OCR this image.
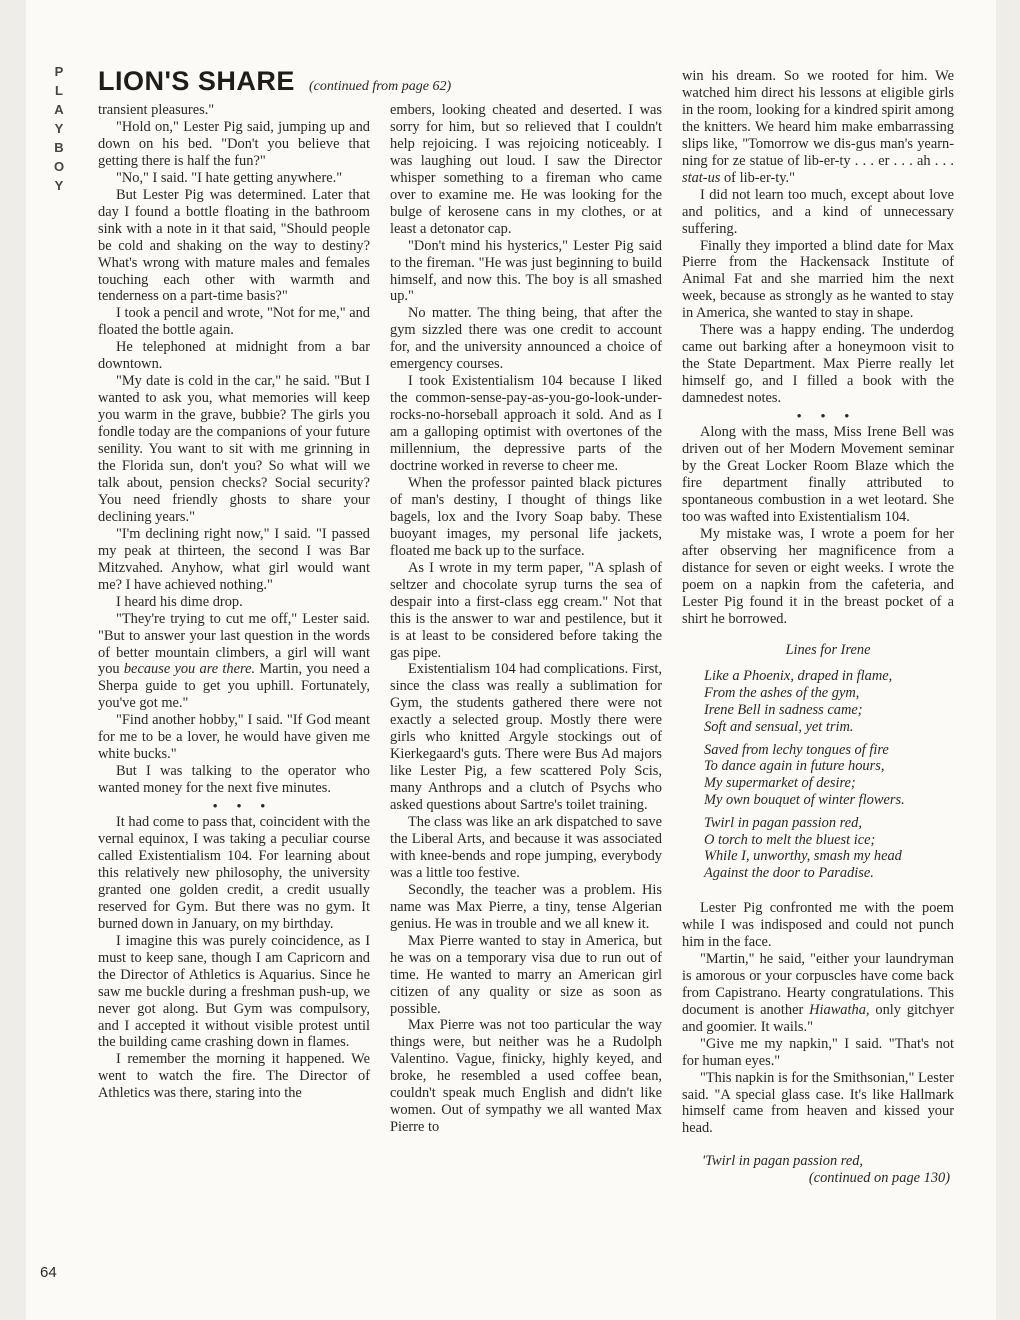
P
L
A
Y
B
O
Y
LION'S SHARE (continued from page 62)

transient pleasures."

"Hold on," Lester Pig said, jumping up and down on his bed. "Don't you believe that getting there is half the fun?"

"No," I said. "I hate getting anywhere."

But Lester Pig was determined. Later that day I found a bottle floating in the bathroom sink with a note in it that said, "Should people be cold and shaking on the way to destiny? What's wrong with mature males and females touching each other with warmth and tenderness on a part-time basis?"

I took a pencil and wrote, "Not for me," and floated the bottle again.

He telephoned at midnight from a bar downtown.

"My date is cold in the car," he said. "But I wanted to ask you, what memories will keep you warm in the grave, bubbie? The girls you fondle today are the companions of your future senility. You want to sit with me grinning in the Florida sun, don't you? So what will we talk about, pension checks? Social security? You need friendly ghosts to share your declining years."

"I'm declining right now," I said. "I passed my peak at thirteen, the second I was Bar Mitzvahed. Anyhow, what girl would want me? I have achieved nothing."

I heard his dime drop.

"They're trying to cut me off," Lester said. "But to answer your last question in the words of better mountain climbers, a girl will want you because you are there. Martin, you need a Sherpa guide to get you uphill. Fortunately, you've got me."

"Find another hobby," I said. "If God meant for me to be a lover, he would have given me white bucks."

But I was talking to the operator who wanted money for the next five minutes.

• • •

It had come to pass that, coincident with the vernal equinox, I was taking a peculiar course called Existentialism 104. For learning about this relatively new philosophy, the university granted one golden credit, a credit usually reserved for Gym. But there was no gym. It burned down in January, on my birthday.

I imagine this was purely coincidence, as I must to keep sane, though I am Capricorn and the Director of Athletics is Aquarius. Since he saw me buckle during a freshman push-up, we never got along. But Gym was compulsory, and I accepted it without visible protest until the building came crashing down in flames.

I remember the morning it happened. We went to watch the fire. The Director of Athletics was there, staring into the

embers, looking cheated and deserted. I was sorry for him, but so relieved that I couldn't help rejoicing. I was rejoicing noticeably. I was laughing out loud. I saw the Director whisper something to a fireman who came over to examine me. He was looking for the bulge of kerosene cans in my clothes, or at least a detonator cap.

"Don't mind his hysterics," Lester Pig said to the fireman. "He was just beginning to build himself, and now this. The boy is all smashed up."

No matter. The thing being, that after the gym sizzled there was one credit to account for, and the university announced a choice of emergency courses.

I took Existentialism 104 because I liked the common-sense-pay-as-you-go-look-under-rocks-no-horseball approach it sold. And as I am a galloping optimist with overtones of the millennium, the depressive parts of the doctrine worked in reverse to cheer me.

When the professor painted black pictures of man's destiny, I thought of things like bagels, lox and the Ivory Soap baby. These buoyant images, my personal life jackets, floated me back up to the surface.

As I wrote in my term paper, "A splash of seltzer and chocolate syrup turns the sea of despair into a first-class egg cream." Not that this is the answer to war and pestilence, but it is at least to be considered before taking the gas pipe.

Existentialism 104 had complications. First, since the class was really a sublimation for Gym, the students gathered there were not exactly a selected group. Mostly there were girls who knitted Argyle stockings out of Kierkegaard's guts. There were Bus Ad majors like Lester Pig, a few scattered Poly Scis, many Anthrops and a clutch of Psychs who asked questions about Sartre's toilet training.

The class was like an ark dispatched to save the Liberal Arts, and because it was associated with knee-bends and rope jumping, everybody was a little too festive.

Secondly, the teacher was a problem. His name was Max Pierre, a tiny, tense Algerian genius. He was in trouble and we all knew it.

Max Pierre wanted to stay in America, but he was on a temporary visa due to run out of time. He wanted to marry an American girl citizen of any quality or size as soon as possible.

Max Pierre was not too particular the way things were, but neither was he a Rudolph Valentino. Vague, finicky, highly keyed, and broke, he resembled a used coffee bean, couldn't speak much English and didn't like women. Out of sympathy we all wanted Max Pierre to

win his dream. So we rooted for him. We watched him direct his lessons at eligible girls in the room, looking for a kindred spirit among the knitters. We heard him make embarrassing slips like, "Tomorrow we dis-gus man's yearn-ning for ze statue of lib-er-ty . . . er . . . ah . . . stat-us of lib-er-ty."

I did not learn too much, except about love and politics, and a kind of unnecessary suffering.

Finally they imported a blind date for Max Pierre from the Hackensack Institute of Animal Fat and she married him the next week, because as strongly as he wanted to stay in America, she wanted to stay in shape.

There was a happy ending. The underdog came out barking after a honeymoon visit to the State Department. Max Pierre really let himself go, and I filled a book with the damnedest notes.

• • •

Along with the mass, Miss Irene Bell was driven out of her Modern Movement seminar by the Great Locker Room Blaze which the fire department finally attributed to spontaneous combustion in a wet leotard. She too was wafted into Existentialism 104.

My mistake was, I wrote a poem for her after observing her magnificence from a distance for seven or eight weeks. I wrote the poem on a napkin from the cafeteria, and Lester Pig found it in the breast pocket of a shirt he borrowed.

Lines for Irene
Like a Phoenix, draped in flame,
From the ashes of the gym,
Irene Bell in sadness came;
Soft and sensual, yet trim.
Saved from lechy tongues of fire
To dance again in future hours,
My supermarket of desire;
My own bouquet of winter flowers.
Twirl in pagan passion red,
O torch to melt the bluest ice;
While I, unworthy, smash my head
Against the door to Paradise.

Lester Pig confronted me with the poem while I was indisposed and could not punch him in the face.

"Martin," he said, "either your laundryman is amorous or your corpuscles have come back from Capistrano. Hearty congratulations. This document is another Hiawatha, only gitchyer and goomier. It wails."

"Give me my napkin," I said. "That's not for human eyes."

"This napkin is for the Smithsonian," Lester said. "A special glass case. It's like Hallmark himself came from heaven and kissed your head.

'Twirl in pagan passion red,
(continued on page 130)
64
